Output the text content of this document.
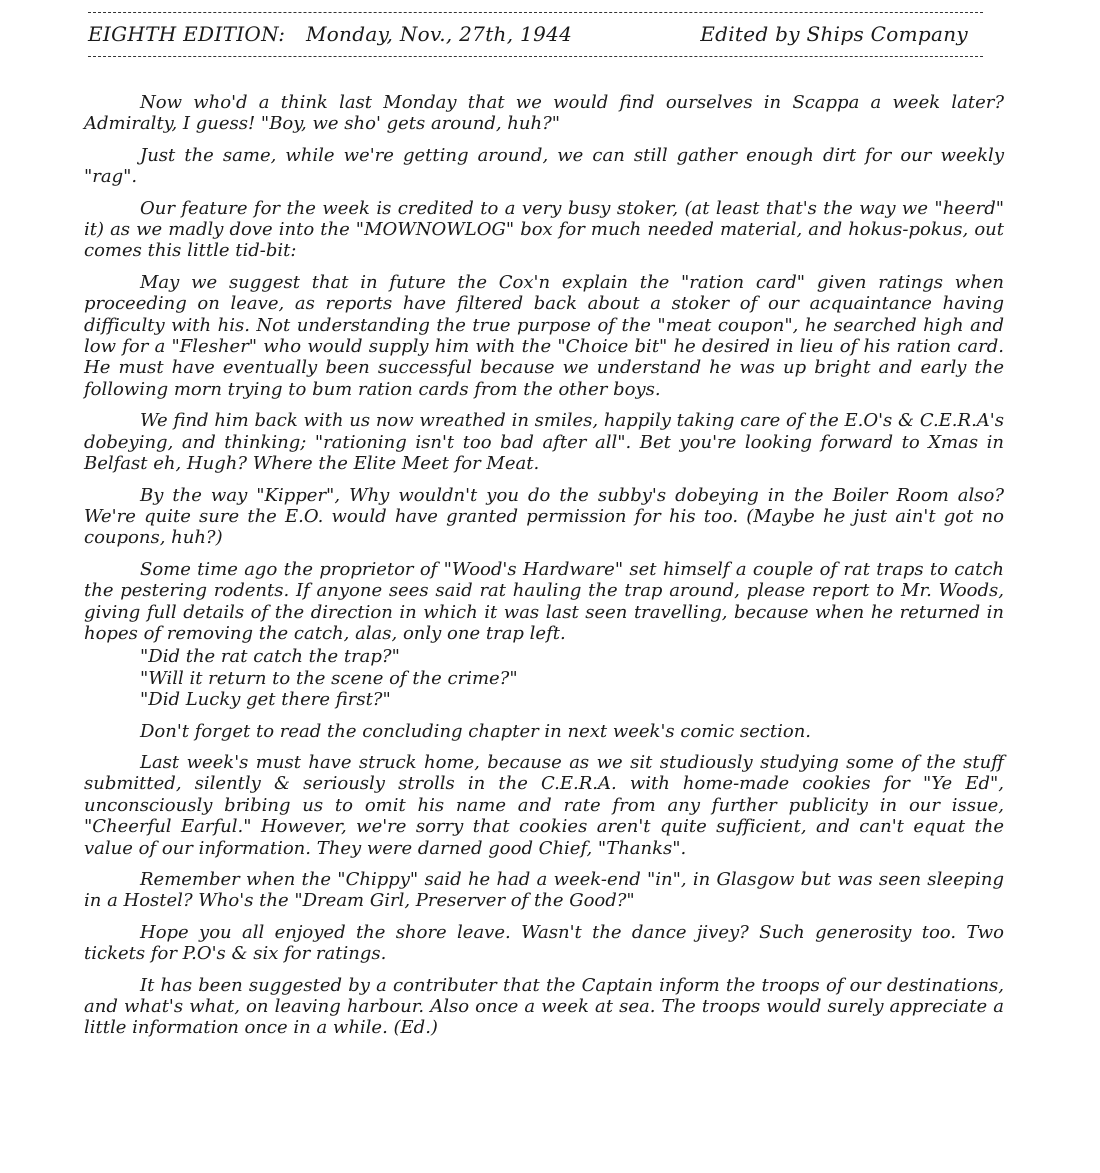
EIGHTH EDITION: Monday, Nov., 27th, 1944	Edited by Ships Company

Now who'd a think last Monday that we would find ourselves in Scappa a week later? Admiralty, I guess! "Boy, we sho' gets around, huh?"

Just the same, while we're getting around, we can still gather enough dirt for our weekly "rag".

Our feature for the week is credited to a very busy stoker, (at least that's the way we "heerd" it) as we madly dove into the "MOWNOWLOG" box for much needed material, and hokus-pokus, out comes this little tid-bit:

May we suggest that in future the Cox'n explain the "ration card" given ratings when proceeding on leave, as reports have filtered back about a stoker of our acquaintance having difficulty with his. Not understanding the true purpose of the "meat coupon", he searched high and low for a "Flesher" who would supply him with the "Choice bit" he desired in lieu of his ration card. He must have eventually been successful because we understand he was up bright and early the following morn trying to bum ration cards from the other boys.

We find him back with us now wreathed in smiles, happily taking care of the E.O's & C.E.R.A's dobeying, and thinking; "rationing isn't too bad after all". Bet you're looking forward to Xmas in Belfast eh, Hugh? Where the Elite Meet for Meat.

By the way "Kipper", Why wouldn't you do the subby's dobeying in the Boiler Room also? We're quite sure the E.O. would have granted permission for his too. (Maybe he just ain't got no coupons, huh?)

Some time ago the proprietor of "Wood's Hardware" set himself a couple of rat traps to catch the pestering rodents. If anyone sees said rat hauling the trap around, please report to Mr. Woods, giving full details of the direction in which it was last seen travelling, because when he returned in hopes of removing the catch, alas, only one trap left.

"Did the rat catch the trap?"

"Will it return to the scene of the crime?"

"Did Lucky get there first?"

Don't forget to read the concluding chapter in next week's comic section.

Last week's must have struck home, because as we sit studiously studying some of the stuff submitted, silently & seriously strolls in the C.E.R.A. with home-made cookies for "Ye Ed", unconsciously bribing us to omit his name and rate from any further publicity in our issue, "Cheerful Earful." However, we're sorry that cookies aren't quite sufficient, and can't equat the value of our information. They were darned good Chief, "Thanks".

Remember when the "Chippy" said he had a week-end "in", in Glasgow but was seen sleeping in a Hostel? Who's the "Dream Girl, Preserver of the Good?"

Hope you all enjoyed the shore leave. Wasn't the dance jivey? Such generosity too. Two tickets for P.O's & six for ratings.

It has been suggested by a contributer that the Captain inform the troops of our destinations, and what's what, on leaving harbour. Also once a week at sea. The troops would surely appreciate a little information once in a while. (Ed.)
